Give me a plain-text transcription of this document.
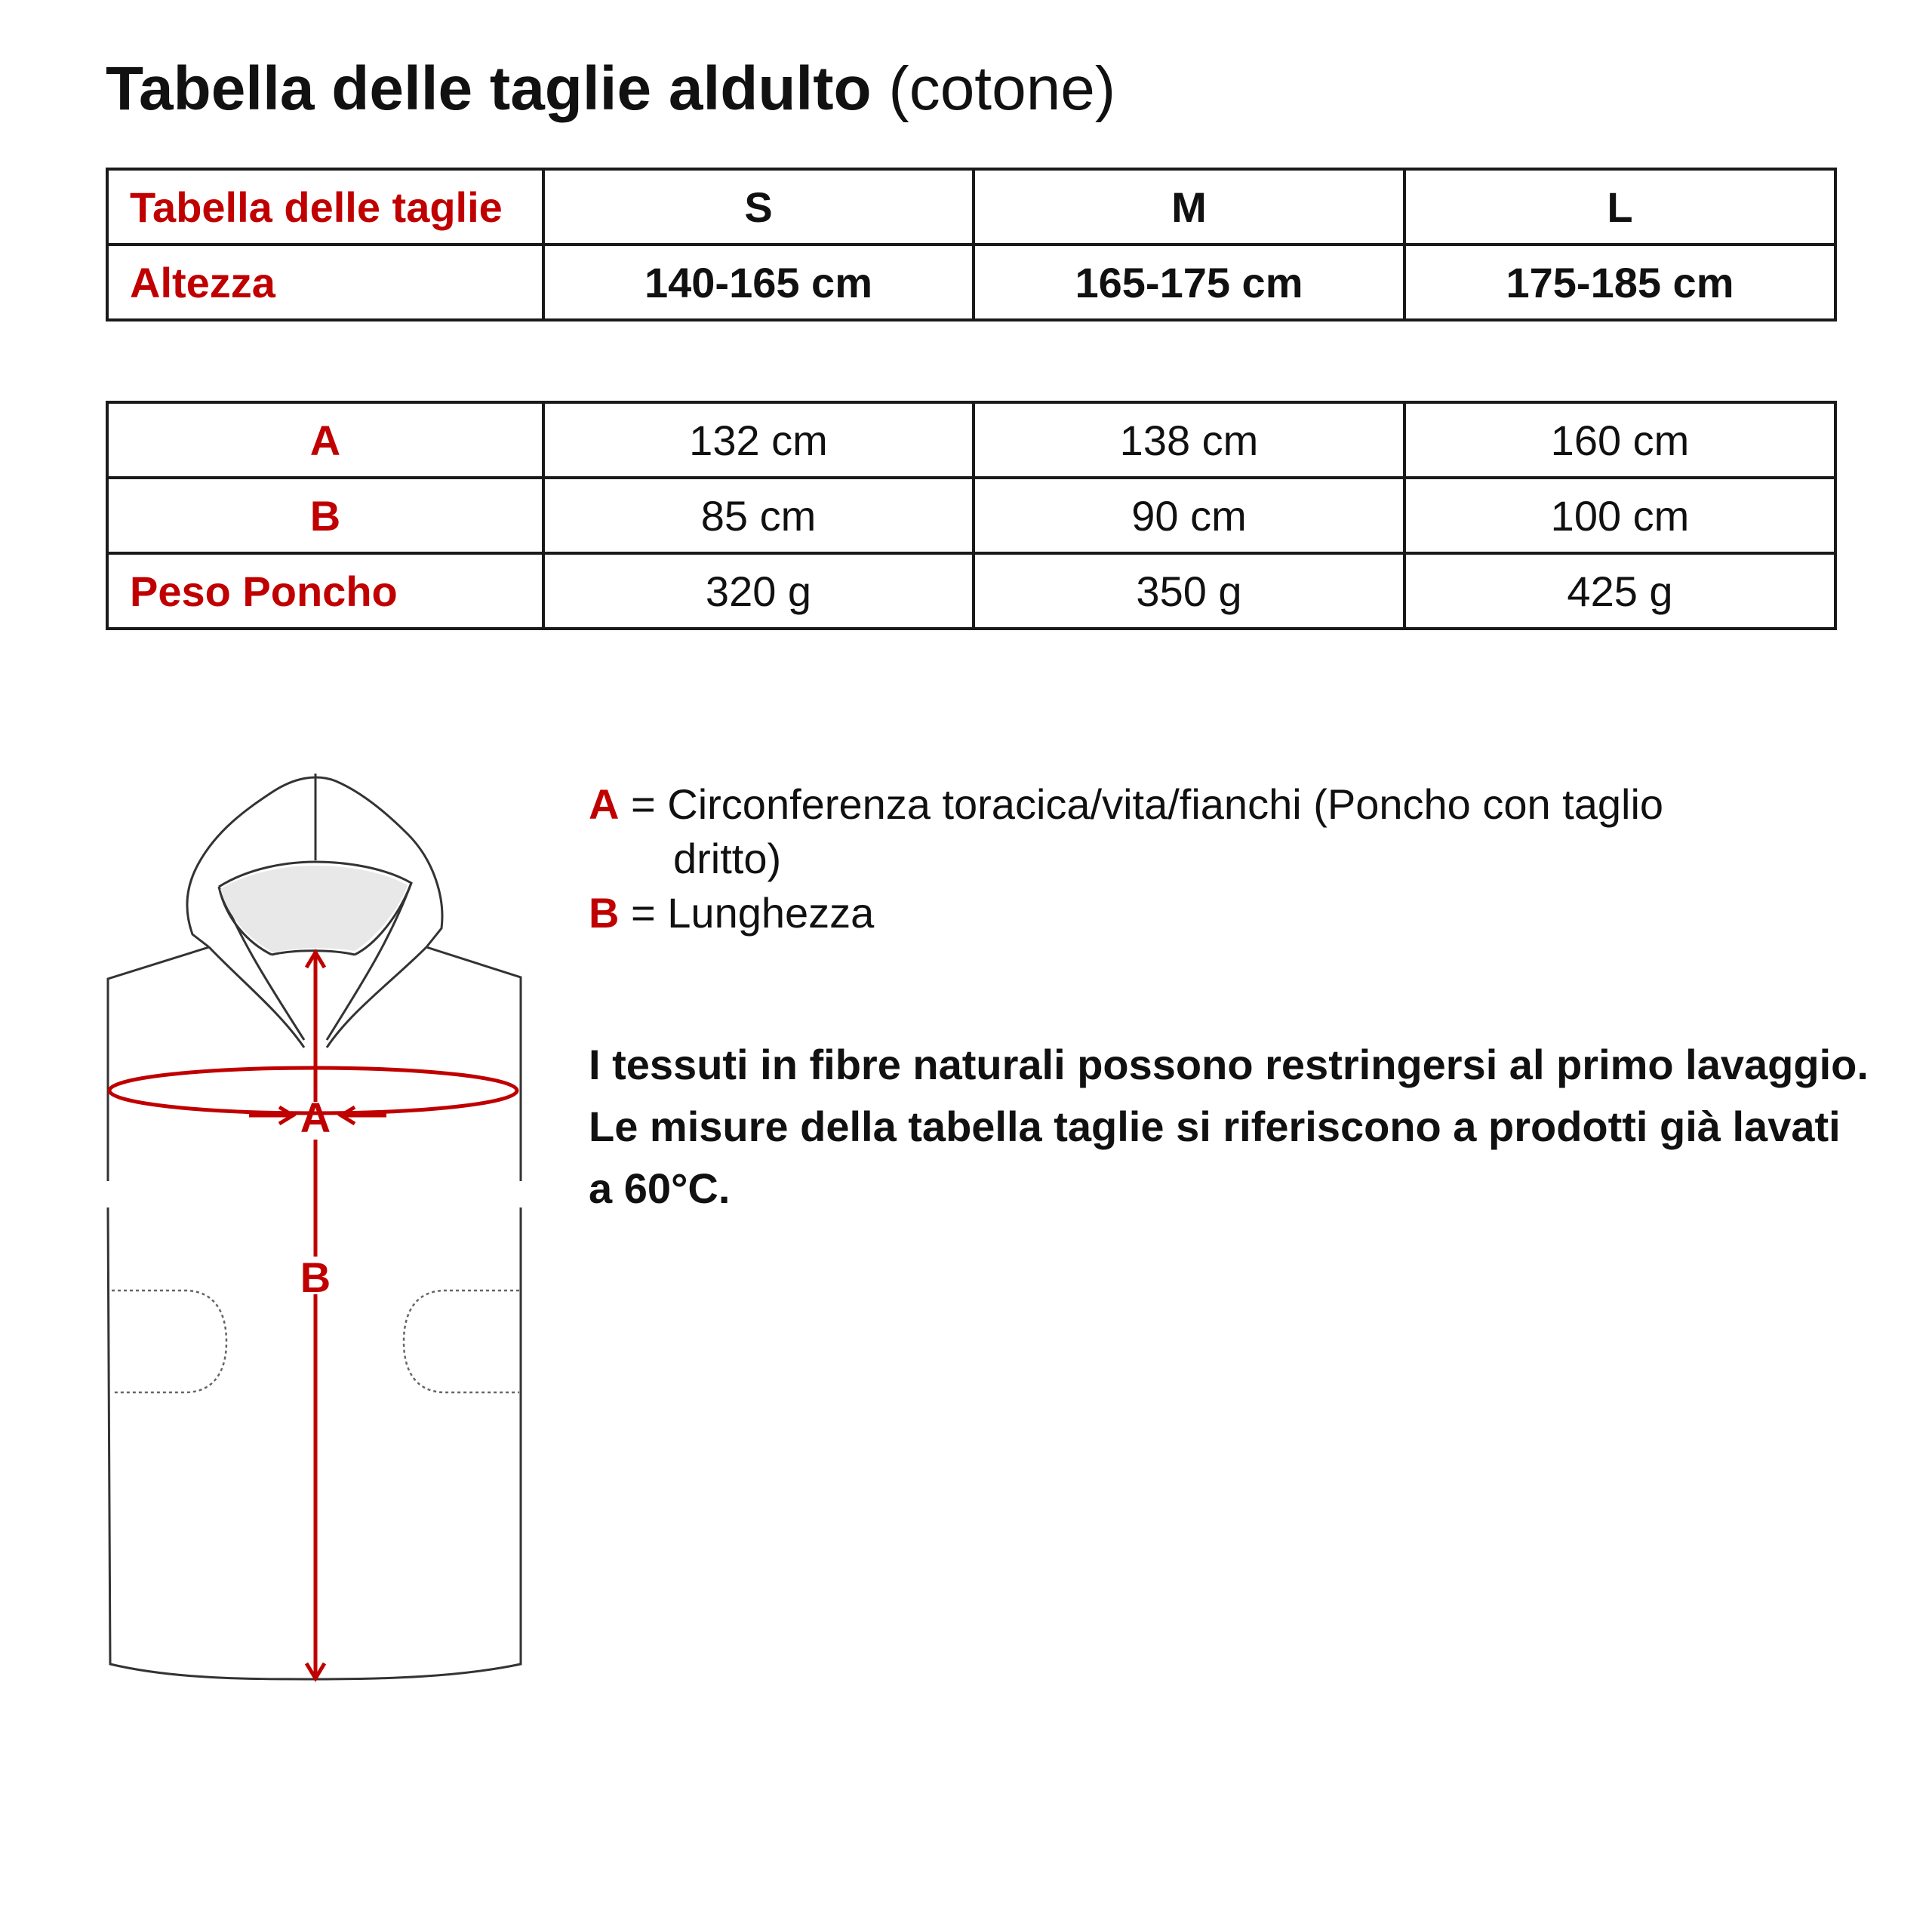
Tabella delle taglie aldulto (cotone)
Tabella delle taglie	S	M	L
Altezza	140-165 cm	165-175 cm	175-185 cm
A	132 cm	138 cm	160 cm
B	85 cm	90 cm	100 cm
Peso Poncho	320 g	350 g	425 g
A
B
A = Circonferenza toracica/vita/fianchi (Poncho con taglio
dritto)
B = Lunghezza
I tessuti in fibre naturali possono restringersi al primo lavaggio. Le misure della tabella taglie si riferiscono a prodotti già lavati a 60°C.
